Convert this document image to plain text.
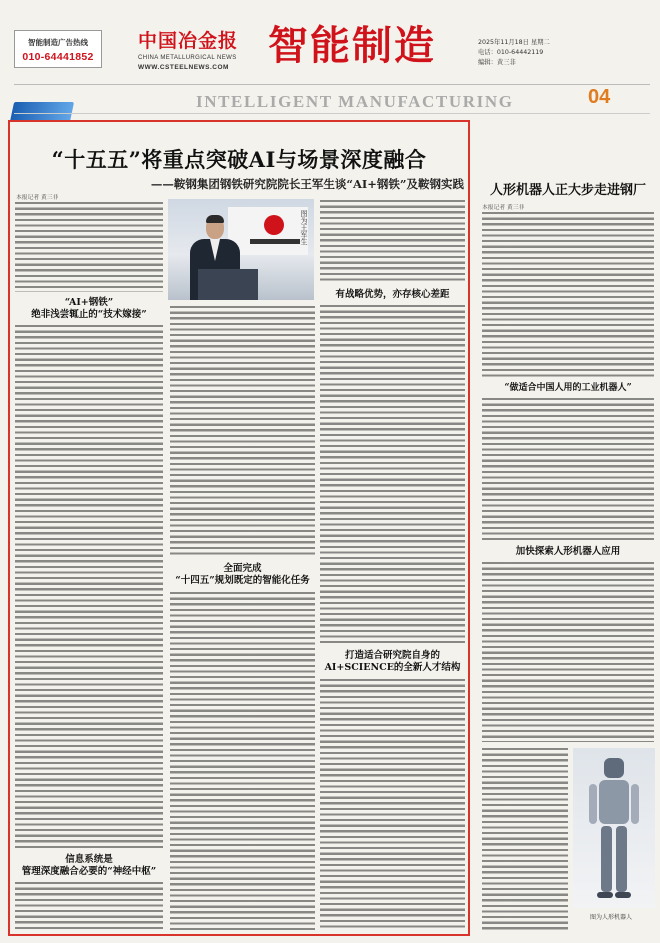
智能制造广告热线
010-64441852
中国冶金报
CHINA METALLURGICAL NEWS
WWW.CSTEELNEWS.COM 智能制造	2025年11月18日 星期二
电话：010-64442119
编辑：黄三非
INTELLIGENT MANUFACTURING	04
“十五五”将重点突破AI与场景深度融合
——鞍钢集团钢铁研究院院长王军生谈“AI+钢铁”及鞍钢实践
本报记者 黄三非
“AI+钢铁”
绝非浅尝辄止的“技术嫁接”
信息系统是
管理深度融合必要的“神经中枢”
图为王军生
全面完成
“十四五”规划既定的智能化任务
有战略优势，亦存核心差距
打造适合研究院自身的
AI+SCIENCE的全新人才结构
人形机器人正大步走进钢厂
本报记者 黄三非
“做适合中国人用的工业机器人”
加快探索人形机器人应用
图为人形机器人
